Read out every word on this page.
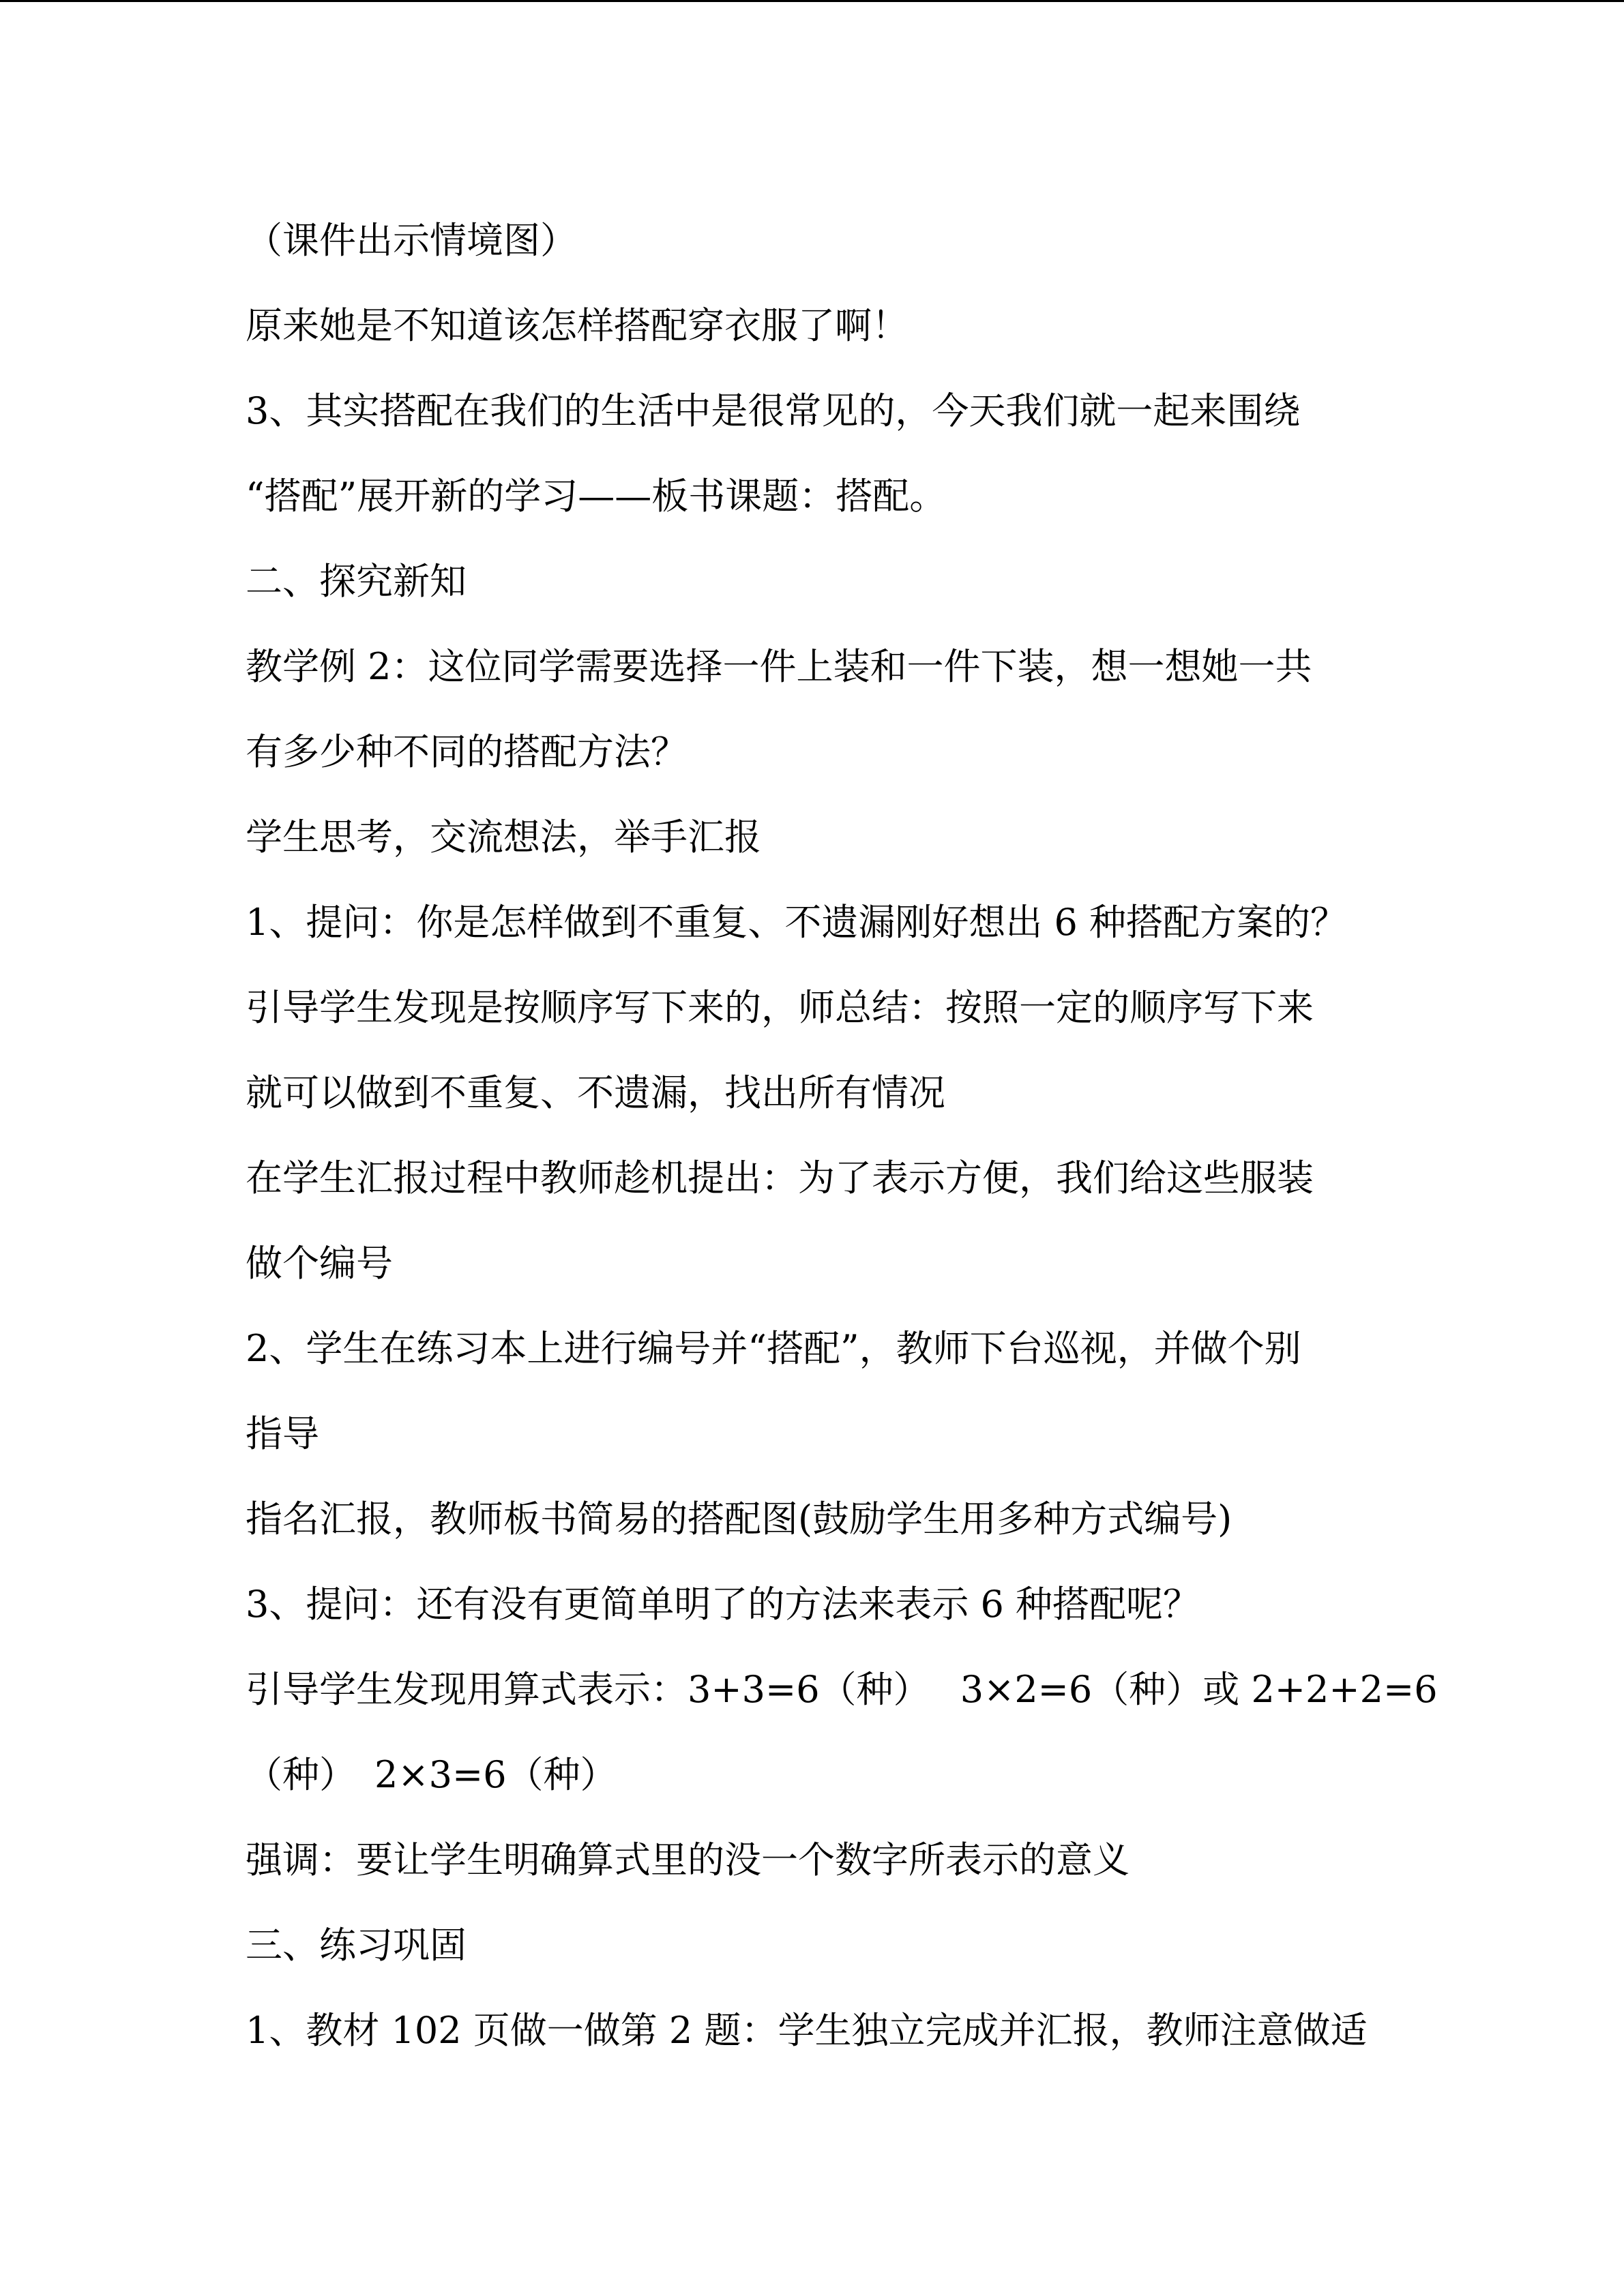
（课件出示情境图）

原来她是不知道该怎样搭配穿衣服了啊！

3、其实搭配在我们的生活中是很常见的，今天我们就一起来围绕

“搭配”展开新的学习——板书课题：搭配。

二、探究新知

教学例 2：这位同学需要选择一件上装和一件下装，想一想她一共

有多少种不同的搭配方法？

学生思考，交流想法，举手汇报

1、提问：你是怎样做到不重复、不遗漏刚好想出 6 种搭配方案的？

引导学生发现是按顺序写下来的，师总结：按照一定的顺序写下来

就可以做到不重复、不遗漏，找出所有情况

在学生汇报过程中教师趁机提出：为了表示方便，我们给这些服装

做个编号

2、学生在练习本上进行编号并“搭配”，教师下台巡视，并做个别

指导

指名汇报，教师板书简易的搭配图(鼓励学生用多种方式编号)

3、提问：还有没有更简单明了的方法来表示 6 种搭配呢？

引导学生发现用算式表示：3+3=6（种）　 3×2=6（种）或 2+2+2=6

（种）　2×3=6（种）

强调：要让学生明确算式里的没一个数字所表示的意义

三、练习巩固

1、教材 102 页做一做第 2 题：学生独立完成并汇报，教师注意做适
